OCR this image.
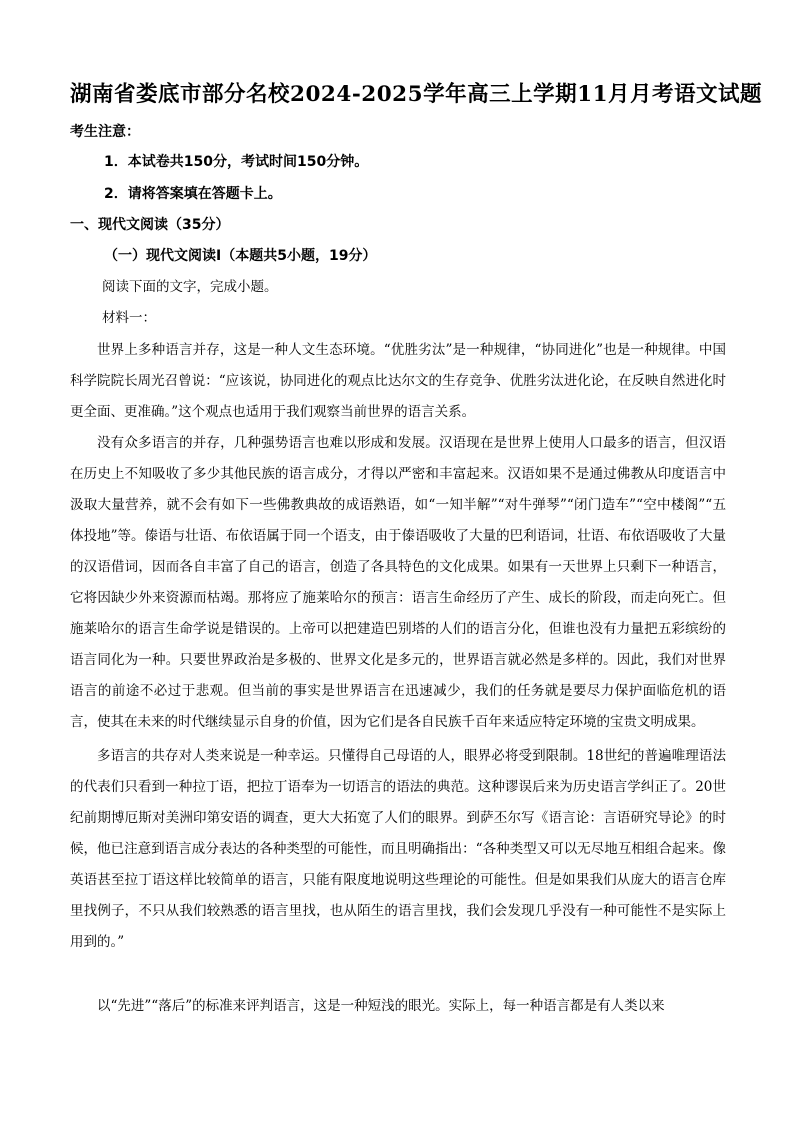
湖南省娄底市部分名校2024-2025学年高三上学期11月月考语文试题
考生注意：
1．本试卷共150分，考试时间150分钟。
2．请将答案填在答题卡上。
一、现代文阅读（35分）
（一）现代文阅读Ⅰ（本题共5小题，19分）
阅读下面的文字，完成小题。
材料一：
世界上多种语言并存，这是一种人文生态环境。“优胜劣汰”是一种规律，“协同进化”也是一种规律。中国科学院院长周光召曾说：“应该说，协同进化的观点比达尔文的生存竞争、优胜劣汰进化论，在反映自然进化时更全面、更准确。”这个观点也适用于我们观察当前世界的语言关系。
没有众多语言的并存，几种强势语言也难以形成和发展。汉语现在是世界上使用人口最多的语言，但汉语在历史上不知吸收了多少其他民族的语言成分，才得以严密和丰富起来。汉语如果不是通过佛教从印度语言中汲取大量营养，就不会有如下一些佛教典故的成语熟语，如“一知半解”“对牛弹琴”“闭门造车”“空中楼阁”“五体投地”等。傣语与壮语、布依语属于同一个语支，由于傣语吸收了大量的巴利语词，壮语、布依语吸收了大量的汉语借词，因而各自丰富了自己的语言，创造了各具特色的文化成果。如果有一天世界上只剩下一种语言，它将因缺少外来资源而枯竭。那将应了施莱哈尔的预言：语言生命经历了产生、成长的阶段，而走向死亡。但施莱哈尔的语言生命学说是错误的。上帝可以把建造巴别塔的人们的语言分化，但谁也没有力量把五彩缤纷的语言同化为一种。只要世界政治是多极的、世界文化是多元的，世界语言就必然是多样的。因此，我们对世界语言的前途不必过于悲观。但当前的事实是世界语言在迅速减少，我们的任务就是要尽力保护面临危机的语言，使其在未来的时代继续显示自身的价值，因为它们是各自民族千百年来适应特定环境的宝贵文明成果。
多语言的共存对人类来说是一种幸运。只懂得自己母语的人，眼界必将受到限制。18世纪的普遍唯理语法的代表们只看到一种拉丁语，把拉丁语奉为一切语言的语法的典范。这种谬误后来为历史语言学纠正了。20世纪前期博厄斯对美洲印第安语的调查，更大大拓宽了人们的眼界。到萨丕尔写《语言论：言语研究导论》的时候，他已注意到语言成分表达的各种类型的可能性，而且明确指出：“各种类型又可以无尽地互相组合起来。像英语甚至拉丁语这样比较简单的语言，只能有限度地说明这些理论的可能性。但是如果我们从庞大的语言仓库里找例子，不只从我们较熟悉的语言里找，也从陌生的语言里找，我们会发现几乎没有一种可能性不是实际上用到的。”
以“先进”“落后”的标准来评判语言，这是一种短浅的眼光。实际上，每一种语言都是有人类以来
